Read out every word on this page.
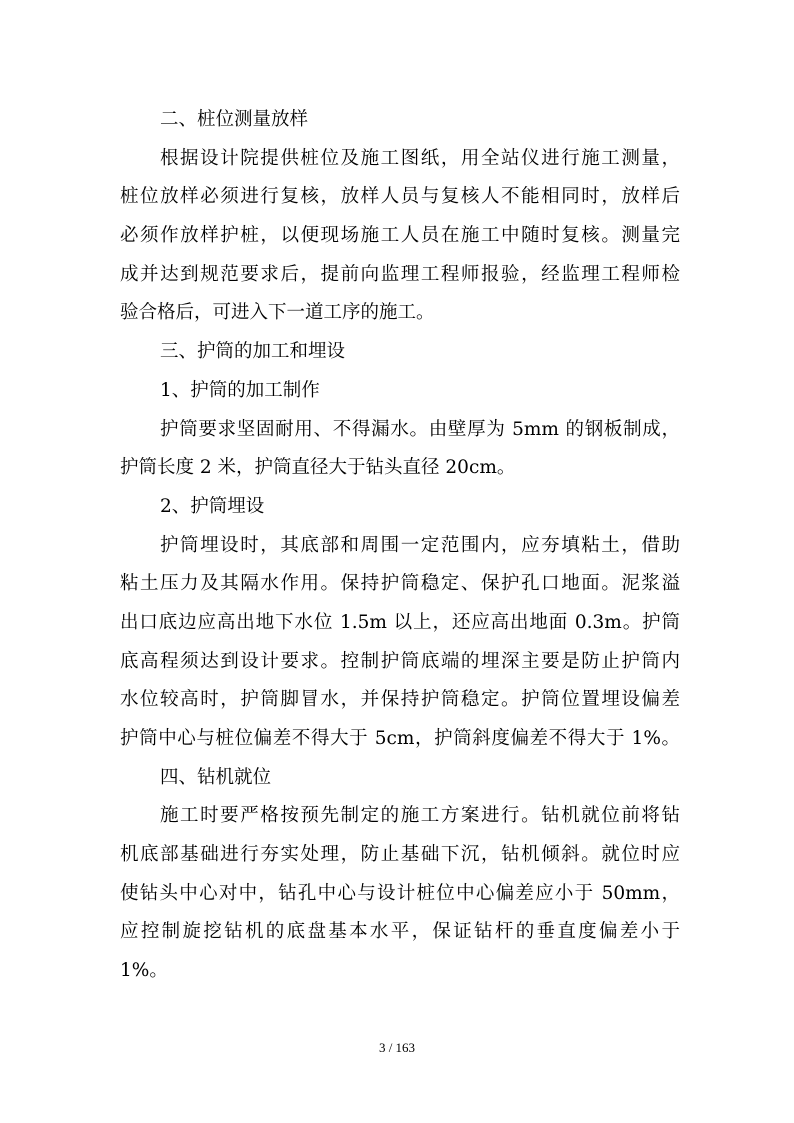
二、桩位测量放样
根据设计院提供桩位及施工图纸，用全站仪进行施工测量，
桩位放样必须进行复核，放样人员与复核人不能相同时，放样后
必须作放样护桩，以便现场施工人员在施工中随时复核。测量完
成并达到规范要求后，提前向监理工程师报验，经监理工程师检
验合格后，可进入下一道工序的施工。
三、护筒的加工和埋设
1、护筒的加工制作
护筒要求坚固耐用、不得漏水。由壁厚为 5mm 的钢板制成，
护筒长度 2 米，护筒直径大于钻头直径 20cm。
2、护筒埋设
护筒埋设时，其底部和周围一定范围内，应夯填粘土，借助
粘土压力及其隔水作用。保持护筒稳定、保护孔口地面。泥浆溢
出口底边应高出地下水位 1.5m 以上，还应高出地面 0.3m。护筒
底高程须达到设计要求。控制护筒底端的埋深主要是防止护筒内
水位较高时，护筒脚冒水，并保持护筒稳定。护筒位置埋设偏差
护筒中心与桩位偏差不得大于 5cm，护筒斜度偏差不得大于 1%。
四、钻机就位
施工时要严格按预先制定的施工方案进行。钻机就位前将钻
机底部基础进行夯实处理，防止基础下沉，钻机倾斜。就位时应
使钻头中心对中，钻孔中心与设计桩位中心偏差应小于 50mm，
应控制旋挖钻机的底盘基本水平，保证钻杆的垂直度偏差小于
1%。
3 / 163
